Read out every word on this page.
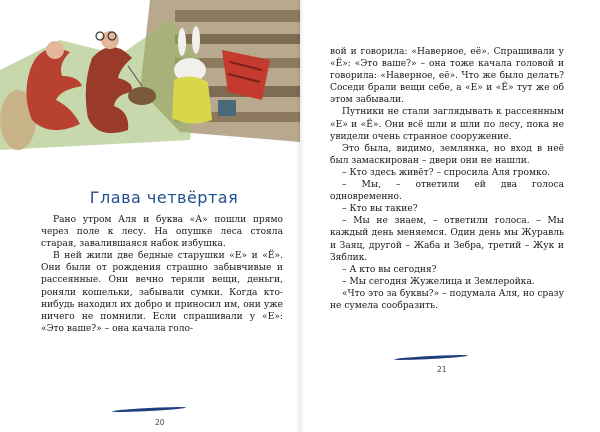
Глава четвёртая

Рано утром Аля и буква «А» пошли прямо через поле к лесу. На опушке леса стояла старая, завалившаяся набок избушка.

В ней жили две бедные старушки «Е» и «Ё». Они были от рождения страшно забывчивые и рассеянные. Они вечно теряли вещи, деньги, роняли кошельки, забывали сумки. Когда кто-нибудь находил их добро и приносил им, они уже ничего не помнили. Если спрашивали у «Е»: «Это ваше?» – она качала голо-

20

вой и говорила: «Наверное, её». Спрашивали у «Ё»: «Это ваше?» – она тоже качала головой и говорила: «Наверное, её». Что же было делать? Соседи брали вещи себе, а «Е» и «Ё» тут же об этом забывали.

Путники не стали заглядывать к рассеянным «Е» и «Ё». Они всё шли и шли по лесу, пока не увидели очень странное сооружение.

Это была, видимо, землянка, но вход в неё был замаскирован – двери они не нашли.

– Кто здесь живёт? – спросила Аля громко.

– Мы, – ответили ей два голоса одновременно.

– Кто вы такие?

– Мы не знаем, – ответили голоса. – Мы каждый день меняемся. Один день мы Журавль и Заяц, другой – Жаба и Зебра, третий – Жук и Зяблик.

– А кто вы сегодня?

– Мы сегодня Жужелица и Землеройка.

«Что это за буквы?» – подумала Аля, но сразу не сумела сообразить.

21
